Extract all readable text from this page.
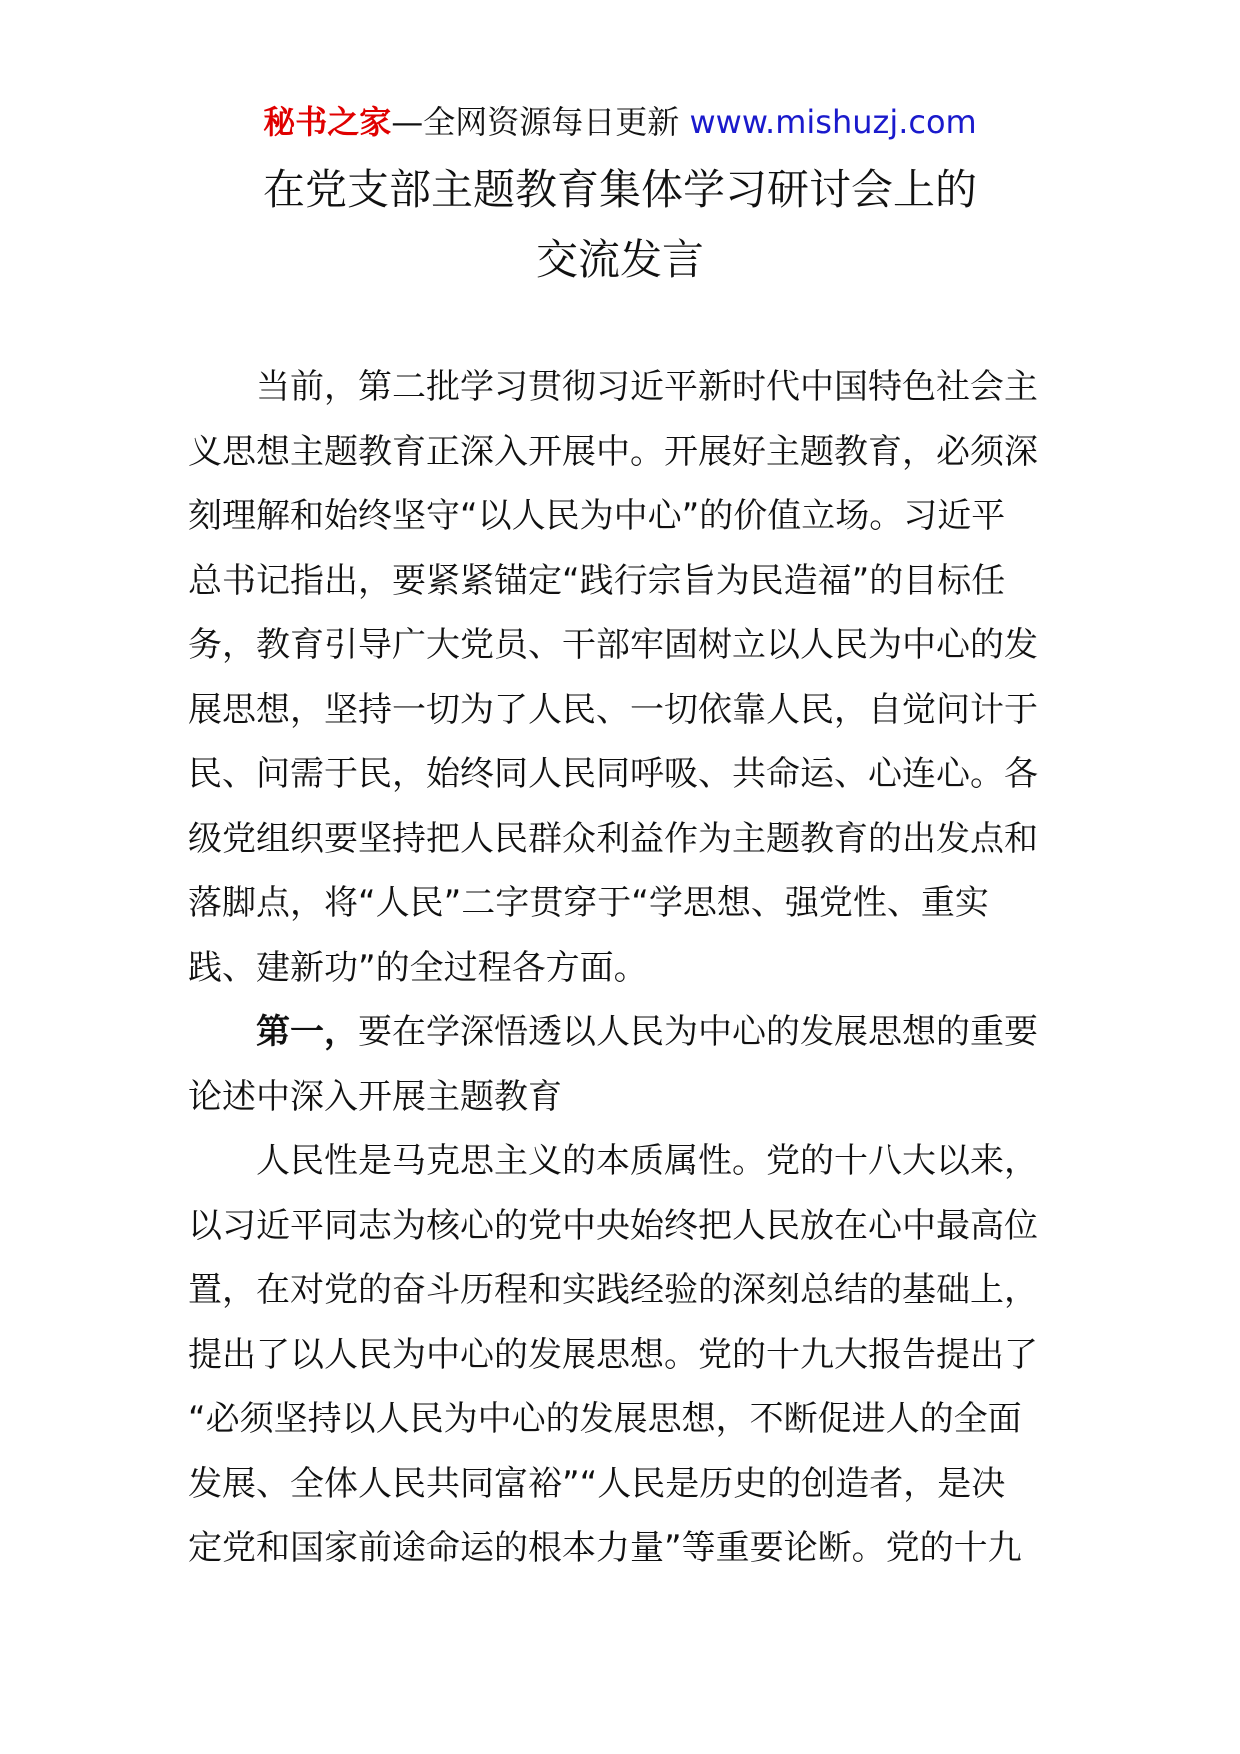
秘书之家—全网资源每日更新 www.mishuzj.com
在党支部主题教育集体学习研讨会上的
交流发言
当前，第二批学习贯彻习近平新时代中国特色社会主
义思想主题教育正深入开展中。开展好主题教育，必须深
刻理解和始终坚守“以人民为中心”的价值立场。习近平
总书记指出，要紧紧锚定“践行宗旨为民造福”的目标任
务，教育引导广大党员、干部牢固树立以人民为中心的发
展思想，坚持一切为了人民、一切依靠人民，自觉问计于
民、问需于民，始终同人民同呼吸、共命运、心连心。各
级党组织要坚持把人民群众利益作为主题教育的出发点和
落脚点，将“人民”二字贯穿于“学思想、强党性、重实
践、建新功”的全过程各方面。
第一，要在学深悟透以人民为中心的发展思想的重要
论述中深入开展主题教育
人民性是马克思主义的本质属性。党的十八大以来，
以习近平同志为核心的党中央始终把人民放在心中最高位
置，在对党的奋斗历程和实践经验的深刻总结的基础上，
提出了以人民为中心的发展思想。党的十九大报告提出了
“必须坚持以人民为中心的发展思想，不断促进人的全面
发展、全体人民共同富裕”“人民是历史的创造者，是决
定党和国家前途命运的根本力量”等重要论断。党的十九
